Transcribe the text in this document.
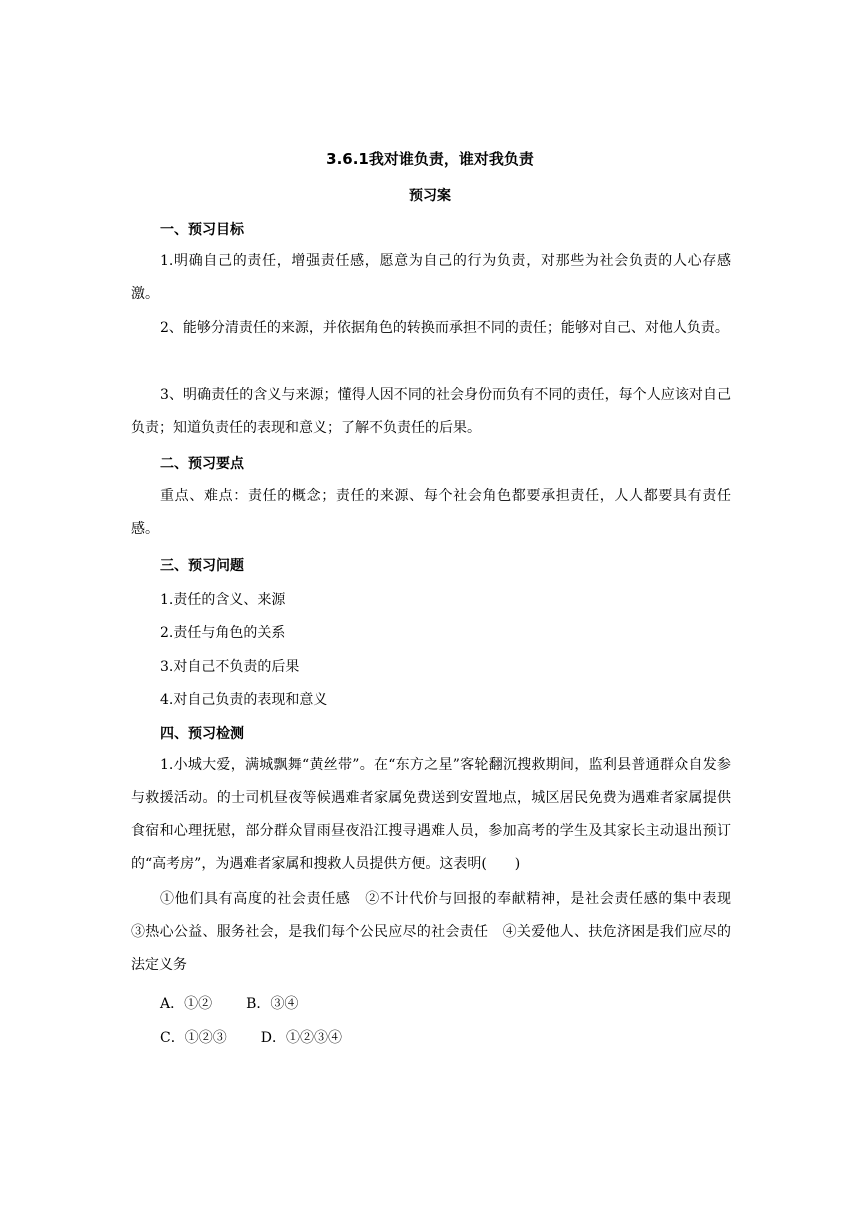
3.6.1我对谁负责，谁对我负责
预习案
一、预习目标

1.明确自己的责任，增强责任感，愿意为自己的行为负责，对那些为社会负责的人心存感激。

2、能够分清责任的来源，并依据角色的转换而承担不同的责任；能够对自己、对他人负责。

3、明确责任的含义与来源；懂得人因不同的社会身份而负有不同的责任，每个人应该对自己负责；知道负责任的表现和意义；了解不负责任的后果。

二、预习要点

重点、难点：责任的概念；责任的来源、每个社会角色都要承担责任，人人都要具有责任感。

三、预习问题
1.责任的含义、来源
2.责任与角色的关系
3.对自己不负责的后果
4.对自己负责的表现和意义
四、预习检测

1.小城大爱，满城飘舞“黄丝带”。在“东方之星”客轮翻沉搜救期间，监利县普通群众自发参与救援活动。的士司机昼夜等候遇难者家属免费送到安置地点，城区居民免费为遇难者家属提供食宿和心理抚慰，部分群众冒雨昼夜沿江搜寻遇难人员，参加高考的学生及其家长主动退出预订的“高考房”，为遇难者家属和搜救人员提供方便。这表明(　　)

①他们具有高度的社会责任感　②不计代价与回报的奉献精神，是社会责任感的集中表现　③热心公益、服务社会，是我们每个公民应尽的社会责任　④关爱他人、扶危济困是我们应尽的法定义务

A．①② B．③④
C．①②③ D．①②③④
